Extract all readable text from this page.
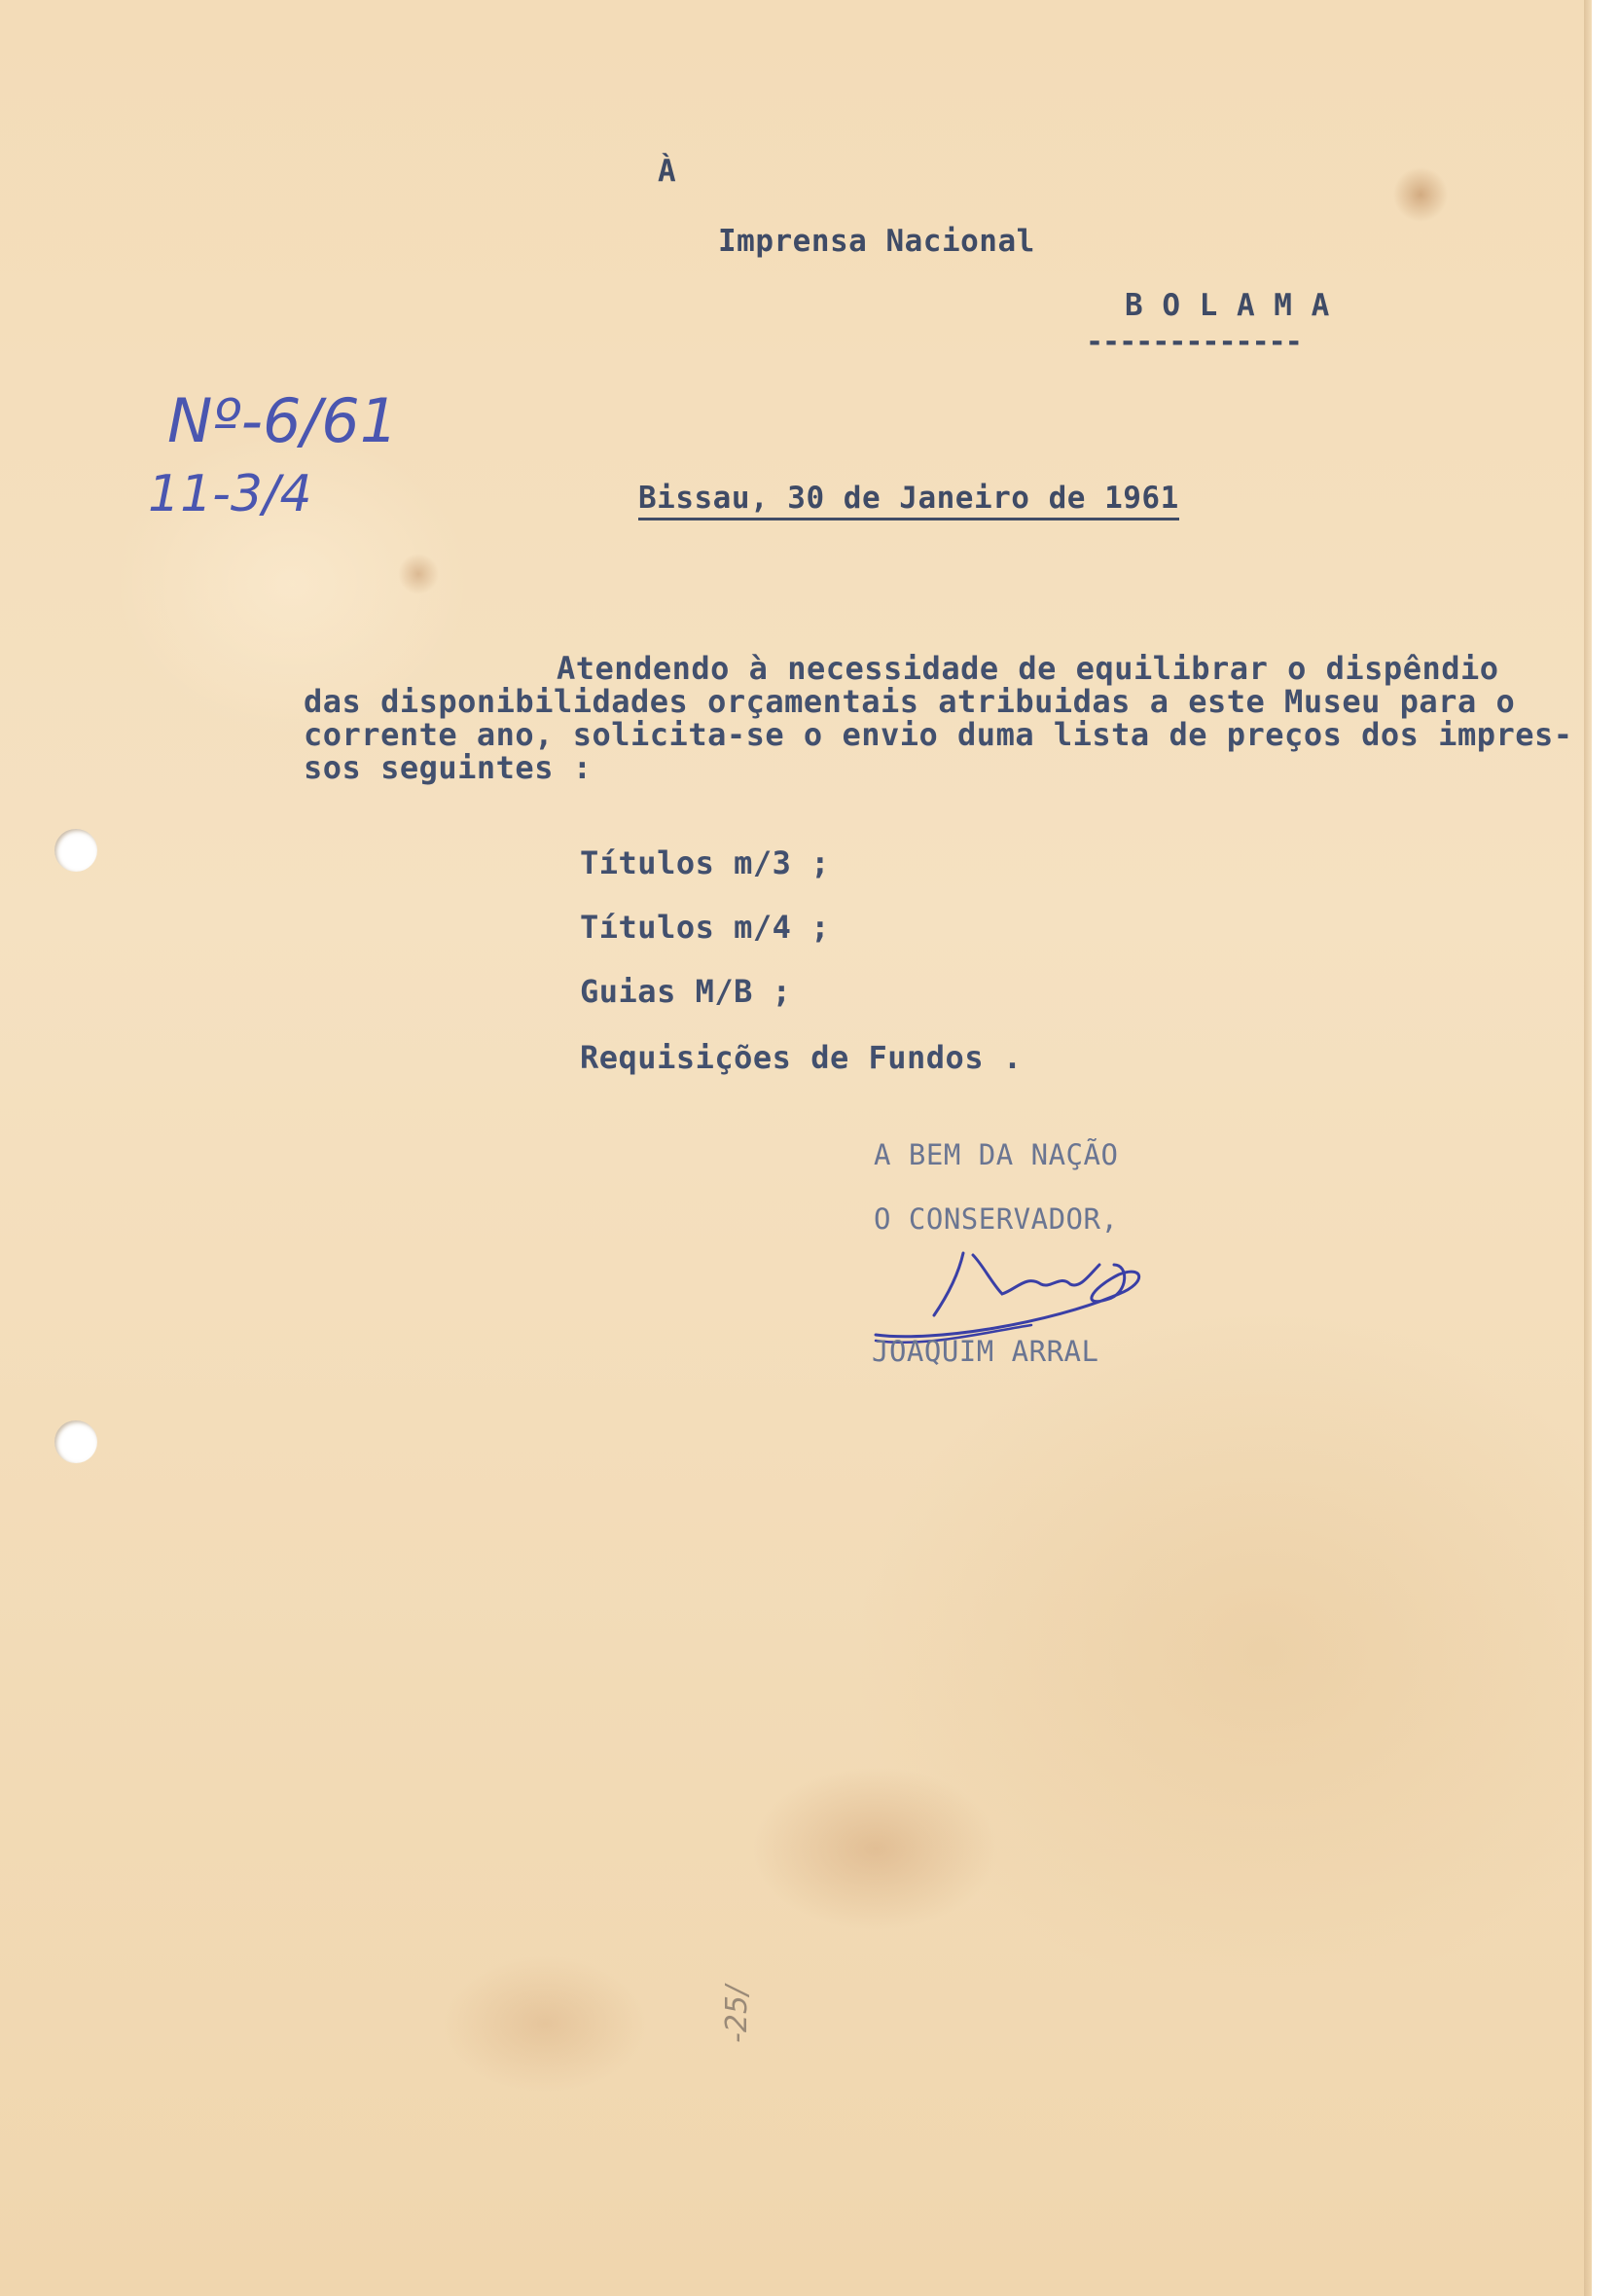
À
Imprensa Nacional
B O L A M A
-------------
Nº-6/61
11-3/4	Bissau, 30 de Janeiro de 1961
Atendendo à necessidade de equilibrar o dispêndio
das disponibilidades orçamentais atribuidas a este Museu para o
corrente ano, solicita-se o envio duma lista de preços dos impres-
sos seguintes :
Títulos m/3 ;
Títulos m/4 ;
Guias M/B ;
Requisições de Fundos .
A BEM DA NAÇÃO
O CONSERVADOR,
JOAQUIM ARRAL
-25/
